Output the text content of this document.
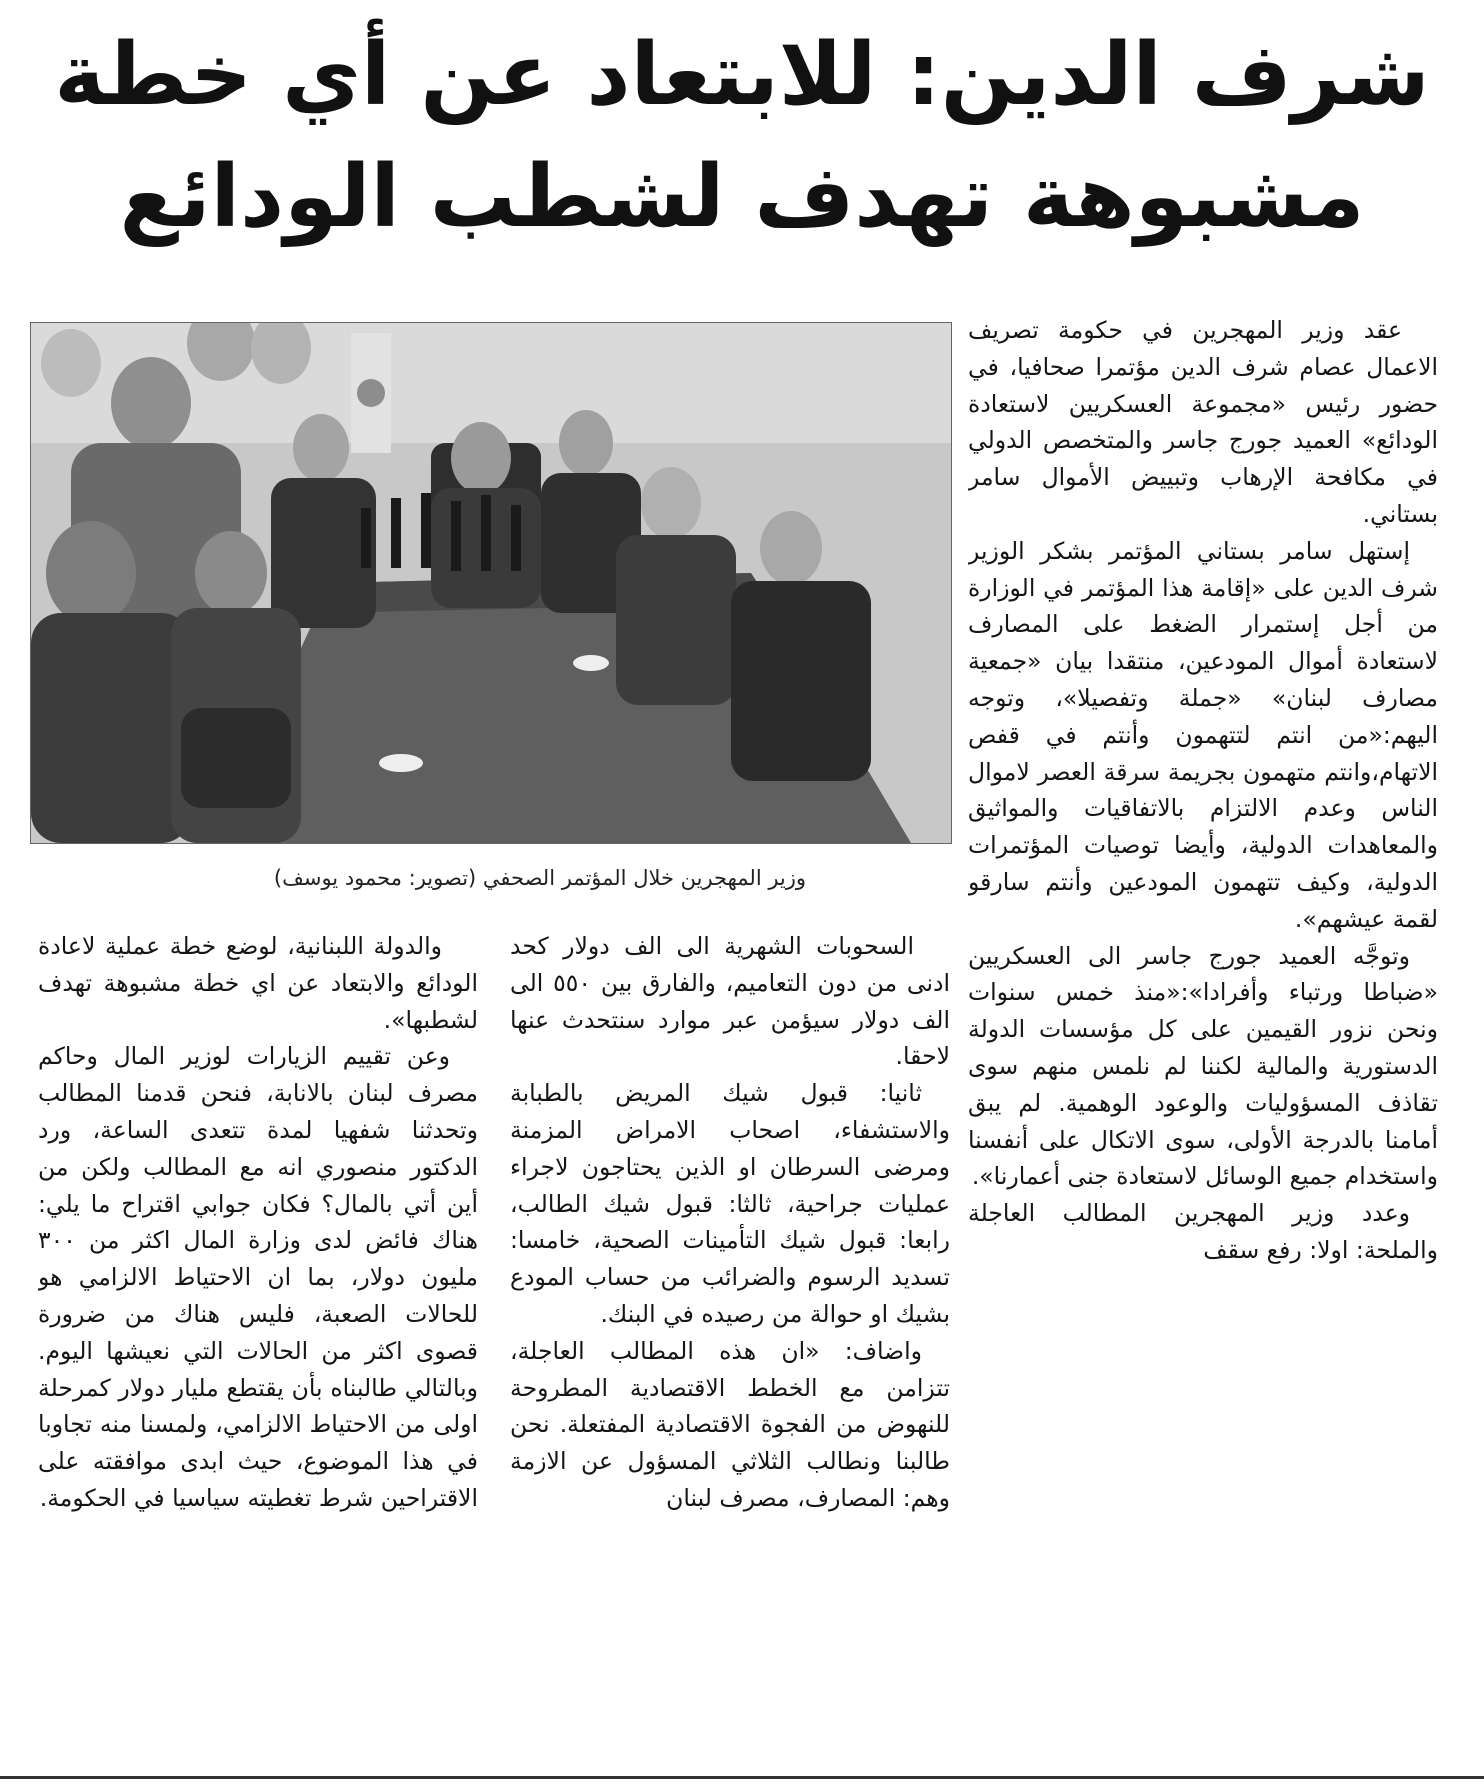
شرف الدين: للابتعاد عن أي خطة
مشبوهة تهدف لشطب الودائع

عقد وزير المهجرين في حكومة تصريف الاعمال عصام شرف الدين مؤتمرا صحافيا، في حضور رئيس «مجموعة العسكريين لاستعادة الودائع» العميد جورج جاسر والمتخصص الدولي في مكافحة الإرهاب وتبييض الأموال سامر بستاني.

إستهل سامر بستاني المؤتمر بشكر الوزير شرف الدين على «إقامة هذا المؤتمر في الوزارة من أجل إستمرار الضغط على المصارف لاستعادة أموال المودعين، منتقدا بيان «جمعية مصارف لبنان» «جملة وتفصيلا»، وتوجه اليهم:«من انتم لتتهمون وأنتم في قفص الاتهام،وانتم متهمون بجريمة سرقة العصر لاموال الناس وعدم الالتزام بالاتفاقيات والمواثيق والمعاهدات الدولية، وأيضا توصيات المؤتمرات الدولية، وكيف تتهمون المودعين وأنتم سارقو لقمة عيشهم».

وتوجَّه العميد جورج جاسر الى العسكريين «ضباطا ورتباء وأفرادا»:«منذ خمس سنوات ونحن نزور القيمين على كل مؤسسات الدولة الدستورية والمالية لكننا لم نلمس منهم سوى تقاذف المسؤوليات والوعود الوهمية. لم يبق أمامنا بالدرجة الأولى، سوى الاتكال على أنفسنا واستخدام جميع الوسائل لاستعادة جنى أعمارنا».

وعدد وزير المهجرين المطالب العاجلة والملحة: اولا: رفع سقف

وزير المهجرين خلال المؤتمر الصحفي (تصوير: محمود يوسف)

السحوبات الشهرية الى الف دولار كحد ادنى من دون التعاميم، والفارق بين ٥٥٠ الى الف دولار سيؤمن عبر موارد سنتحدث عنها لاحقا.

ثانيا: قبول شيك المريض بالطبابة والاستشفاء، اصحاب الامراض المزمنة ومرضى السرطان او الذين يحتاجون لاجراء عمليات جراحية، ثالثا: قبول شيك الطالب، رابعا: قبول شيك التأمينات الصحية، خامسا: تسديد الرسوم والضرائب من حساب المودع بشيك او حوالة من رصيده في البنك.

واضاف: «ان هذه المطالب العاجلة، تتزامن مع الخطط الاقتصادية المطروحة للنهوض من الفجوة الاقتصادية المفتعلة. نحن طالبنا ونطالب الثلاثي المسؤول عن الازمة وهم: المصارف، مصرف لبنان

والدولة اللبنانية، لوضع خطة عملية لاعادة الودائع والابتعاد عن اي خطة مشبوهة تهدف لشطبها».

وعن تقييم الزيارات لوزير المال وحاكم مصرف لبنان بالانابة، فنحن قدمنا المطالب وتحدثنا شفهيا لمدة تتعدى الساعة، ورد الدكتور منصوري انه مع المطالب ولكن من أين أتي بالمال؟ فكان جوابي اقتراح ما يلي: هناك فائض لدى وزارة المال اكثر من ٣٠٠ مليون دولار، بما ان الاحتياط الالزامي هو للحالات الصعبة، فليس هناك من ضرورة قصوى اكثر من الحالات التي نعيشها اليوم. وبالتالي طالبناه بأن يقتطع مليار دولار كمرحلة اولى من الاحتياط الالزامي، ولمسنا منه تجاوبا في هذا الموضوع، حيث ابدى موافقته على الاقتراحين شرط تغطيته سياسيا في الحكومة.
